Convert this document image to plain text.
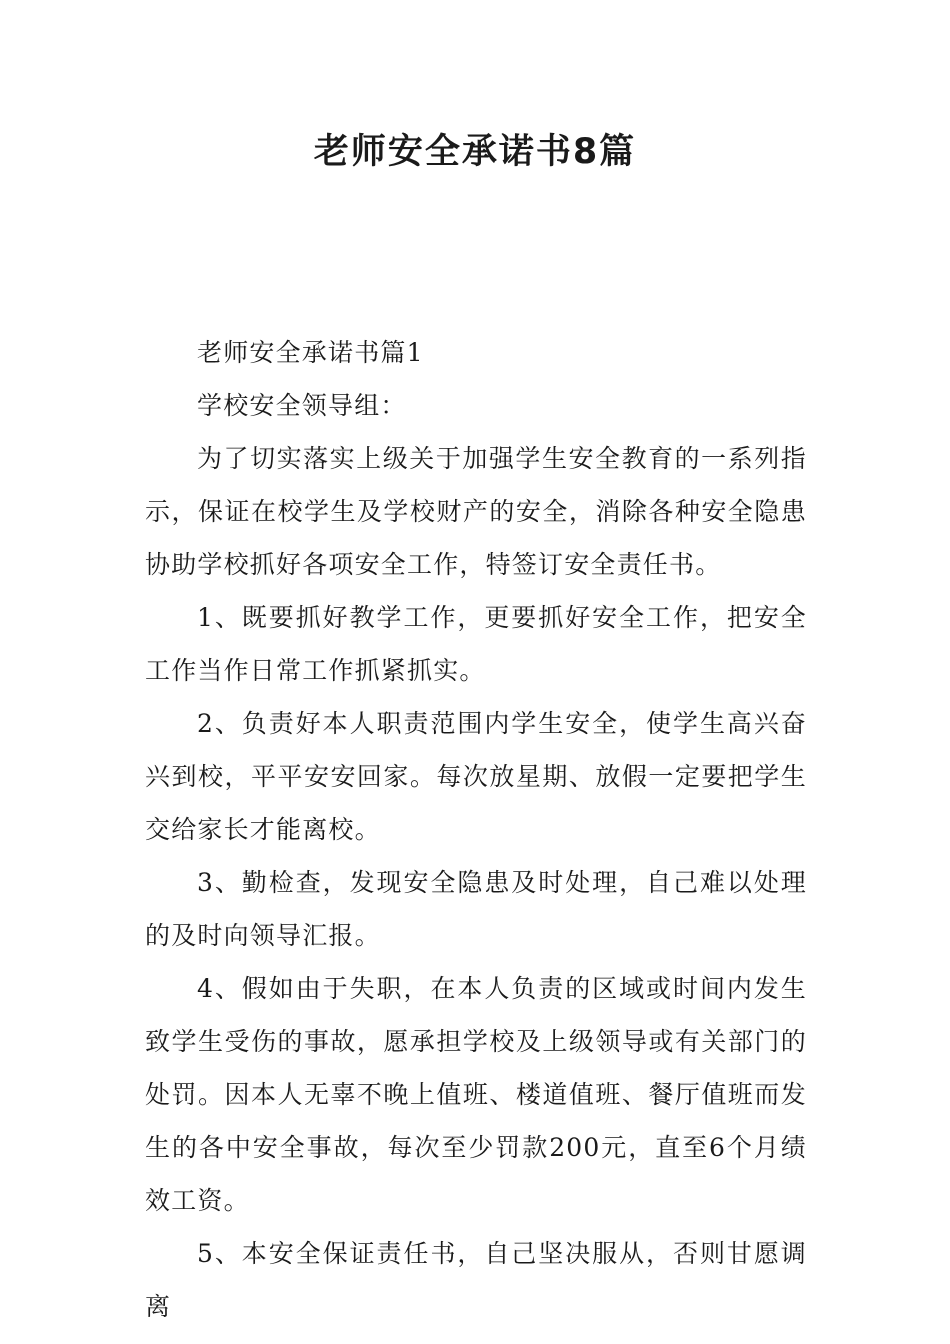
老师安全承诺书8篇

老师安全承诺书篇1

学校安全领导组：

为了切实落实上级关于加强学生安全教育的一系列指示，保证在校学生及学校财产的安全，消除各种安全隐患协助学校抓好各项安全工作，特签订安全责任书。

1、既要抓好教学工作，更要抓好安全工作，把安全工作当作日常工作抓紧抓实。

2、负责好本人职责范围内学生安全，使学生高兴奋兴到校，平平安安回家。每次放星期、放假一定要把学生交给家长才能离校。

3、勤检查，发现安全隐患及时处理，自己难以处理的及时向领导汇报。

4、假如由于失职，在本人负责的区域或时间内发生致学生受伤的事故，愿承担学校及上级领导或有关部门的处罚。因本人无辜不晚上值班、楼道值班、餐厅值班而发生的各中安全事故，每次至少罚款200元，直至6个月绩效工资。

5、本安全保证责任书，自己坚决服从，否则甘愿调离
